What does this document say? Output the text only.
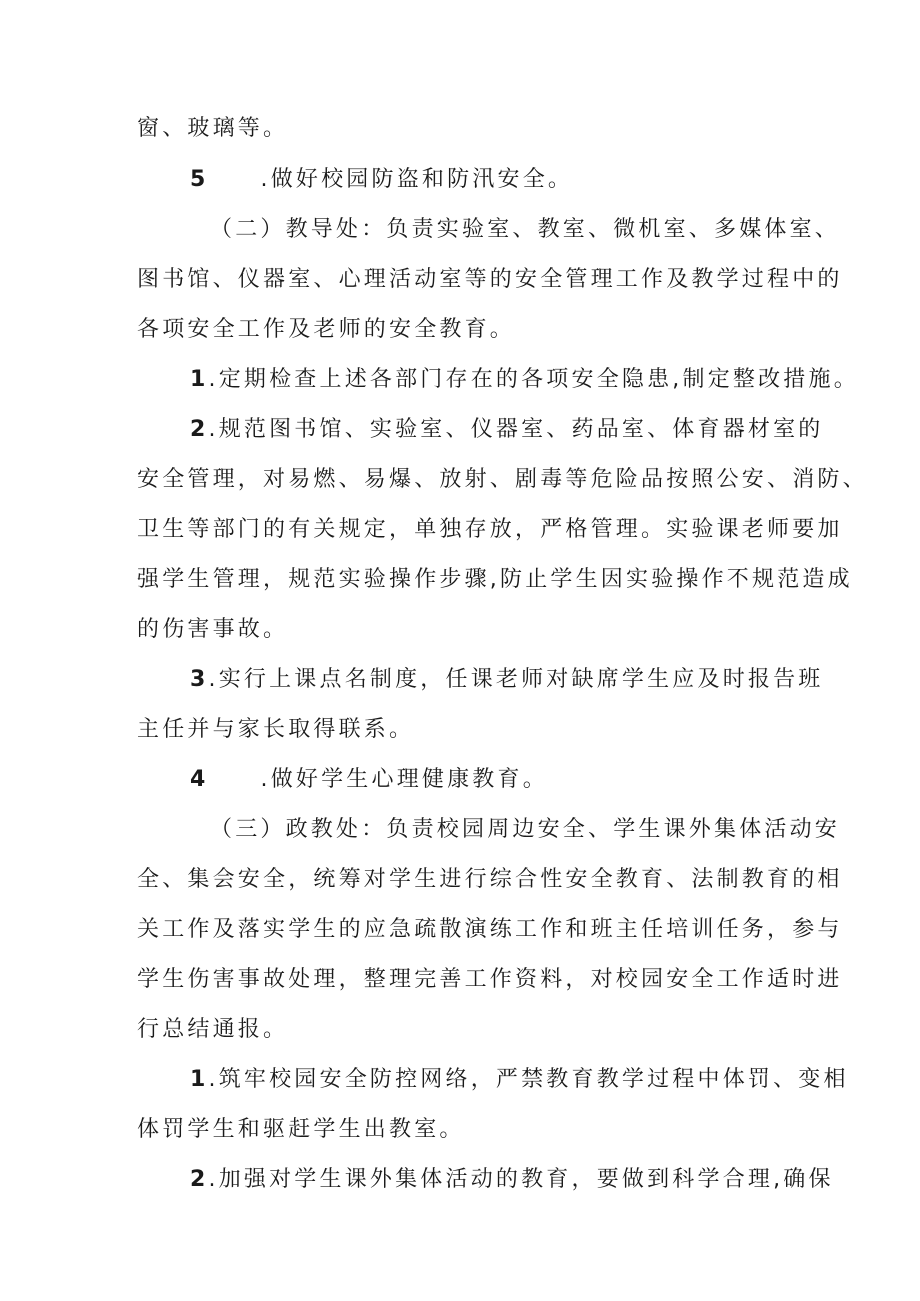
窗、玻璃等。

5 .做好校园防盗和防汛安全。

（二）教导处：负责实验室、教室、微机室、多媒体室、

图书馆、仪器室、心理活动室等的安全管理工作及教学过程中的

各项安全工作及老师的安全教育。

1.定期检查上述各部门存在的各项安全隐患,制定整改措施。

2.规范图书馆、实验室、仪器室、药品室、体育器材室的

安全管理，对易燃、易爆、放射、剧毒等危险品按照公安、消防、

卫生等部门的有关规定，单独存放，严格管理。实验课老师要加

强学生管理，规范实验操作步骤,防止学生因实验操作不规范造成

的伤害事故。

3.实行上课点名制度，任课老师对缺席学生应及时报告班

主任并与家长取得联系。

4 .做好学生心理健康教育。

（三）政教处：负责校园周边安全、学生课外集体活动安

全、集会安全，统筹对学生进行综合性安全教育、法制教育的相

关工作及落实学生的应急疏散演练工作和班主任培训任务，参与

学生伤害事故处理，整理完善工作资料，对校园安全工作适时进

行总结通报。

1.筑牢校园安全防控网络，严禁教育教学过程中体罚、变相

体罚学生和驱赶学生出教室。

2.加强对学生课外集体活动的教育，要做到科学合理,确保
